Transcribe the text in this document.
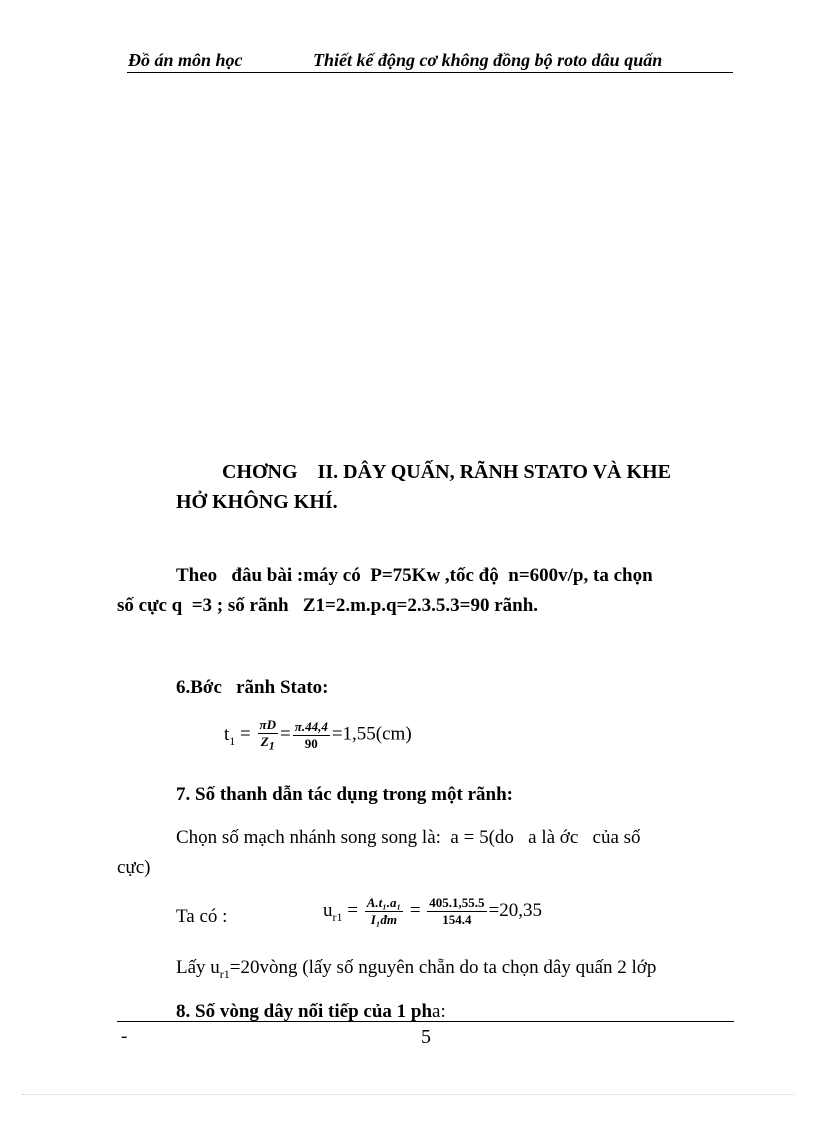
Đồ án môn học	Thiết kế động cơ không đồng bộ roto dâu quấn
CHƠNG    II. DÂY QUẤN, RÃNH STATO VÀ KHE
HỞ KHÔNG KHÍ.
Theo   đâu bài :máy có  P=75Kw ,tốc độ  n=600v/p, ta chọn
số cực q  =3 ; số rãnh   Z1=2.m.p.q=2.3.5.3=90 rãnh.
6.Bớc   rãnh Stato:
$t_1 = \frac{\pi D}{Z_1} = \frac{\pi.44,4}{90} =1,55(cm)$
7. Số thanh dẫn tác dụng trong một rãnh:
Chọn số mạch nhánh song song là:  a = 5(do   a là ớc   của số
cực)
Ta có :	$u_{r1} = \frac{\text{A.t₁.a₁}}{\text{I₁đm}} = \frac{405.1,55.5}{154.4} =20,35$
Lấy $u_{r1}=20vòng$ (lấy số nguyên chẵn do ta chọn dây quấn 2 lớp
8. Số vòng dây nối tiếp của 1 pha:
-	5
